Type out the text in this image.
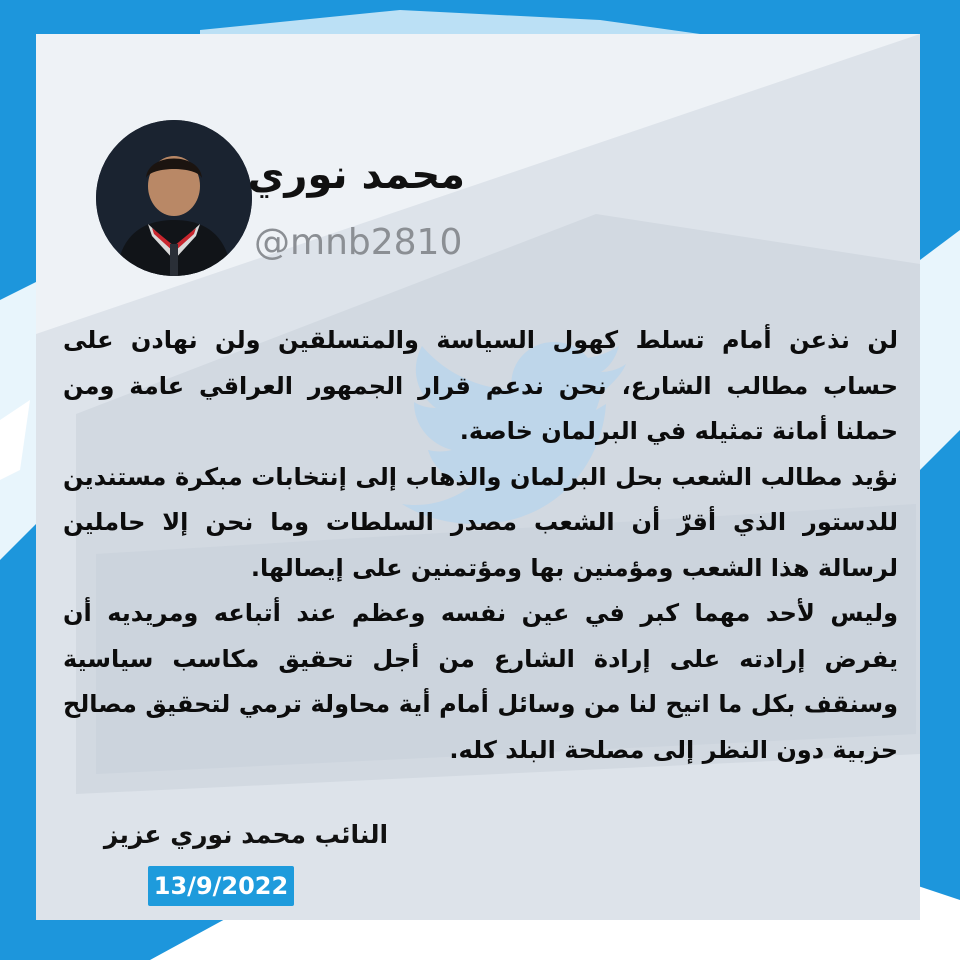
محمد نوري

@mnb2810

لن نذعن أمام تسلط كهول السياسة والمتسلقين ولن نهادن على حساب مطالب الشارع، نحن ندعم قرار الجمهور العراقي عامة ومن حملنا أمانة تمثيله في البرلمان خاصة.
نؤيد مطالب الشعب بحل البرلمان والذهاب إلى إنتخابات مبكرة مستندين للدستور الذي أقرّ أن الشعب مصدر السلطات وما نحن إلا حاملين لرسالة هذا الشعب ومؤمنين بها ومؤتمنين على إيصالها.
وليس لأحد مهما كبر في عين نفسه وعظم عند أتباعه ومريديه أن يفرض إرادته على إرادة الشارع من أجل تحقيق مكاسب سياسية وسنقف بكل ما اتيح لنا من وسائل أمام أية محاولة ترمي لتحقيق مصالح حزبية دون النظر إلى مصلحة البلد كله.

النائب محمد نوري عزيز

13/9/2022
